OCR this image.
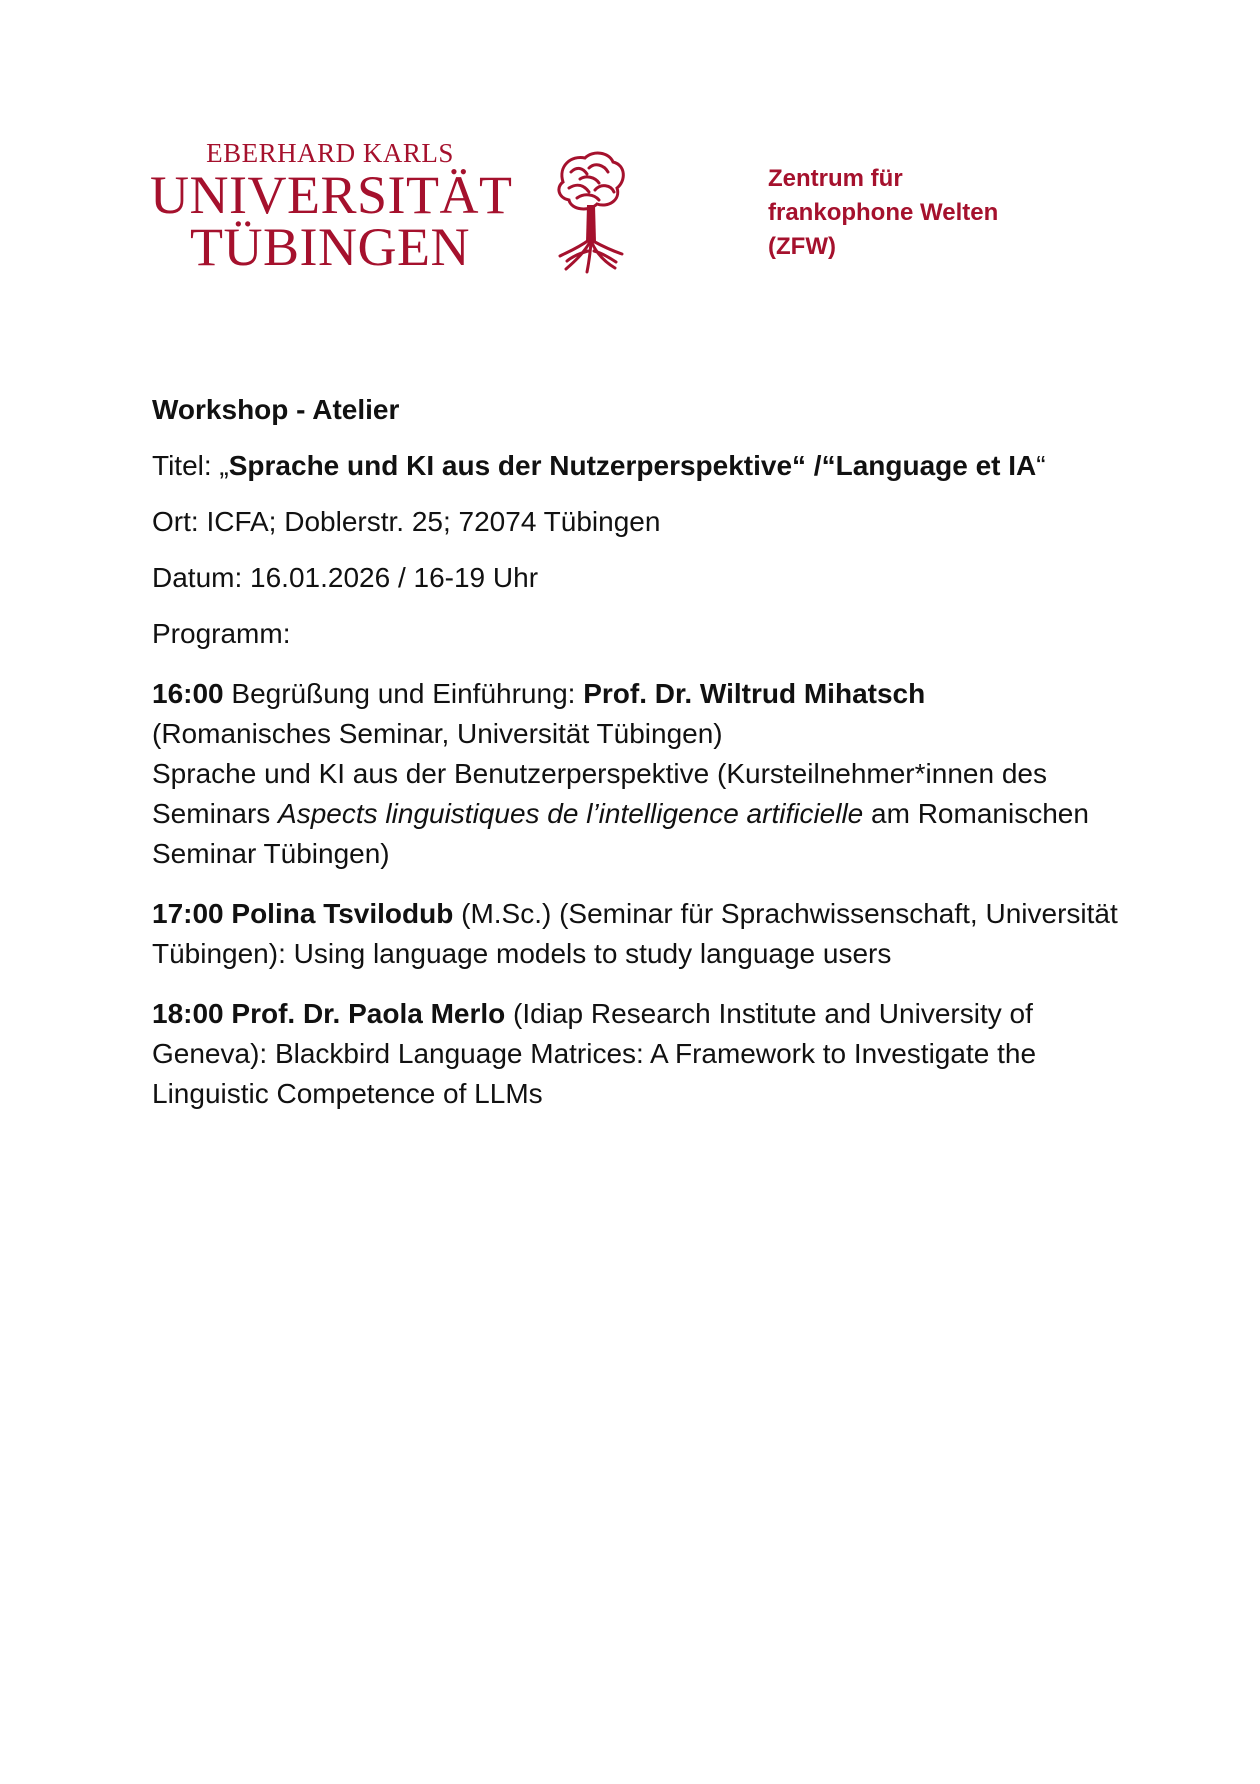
EBERHARD KARLS
UNIVERSITÄT
TÜBINGEN
Zentrum für
frankophone Welten
(ZFW)

Workshop - Atelier

Titel: „Sprache und KI aus der Nutzerperspektive“ /“Language et IA“

Ort: ICFA; Doblerstr. 25; 72074 Tübingen

Datum: 16.01.2026 / 16-19 Uhr

Programm:

16:00 Begrüßung und Einführung: Prof. Dr. Wiltrud Mihatsch
(Romanisches Seminar, Universität Tübingen)
Sprache und KI aus der Benutzerperspektive (Kursteilnehmer*innen des Seminars Aspects linguistiques de l’intelligence artificielle am Romanischen Seminar Tübingen)

17:00 Polina Tsvilodub (M.Sc.) (Seminar für Sprachwissenschaft, Universität Tübingen): Using language models to study language users

18:00 Prof. Dr. Paola Merlo (Idiap Research Institute and University of Geneva): Blackbird Language Matrices: A Framework to Investigate the Linguistic Competence of LLMs
